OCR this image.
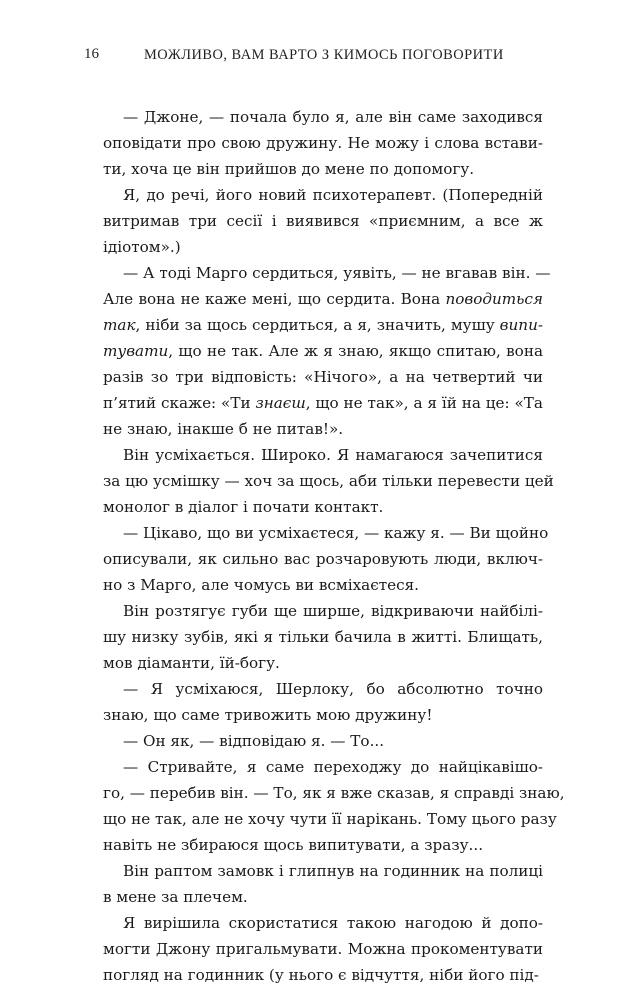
16	МОЖЛИВО, ВАМ ВАРТО З КИМОСЬ ПОГОВОРИТИ
— Джоне, — почала було я, але він саме заходився
оповідати про свою дружину. Не можу і слова встави-
ти, хоча це він прийшов до мене по допомогу.
Я, до речі, його новий психотерапевт. (Попередній
витримав три сесії і виявився «приємним, а все ж
ідіотом».)
— А тоді Марго сердиться, уявіть, — не вгавав він. —
Але вона не каже мені, що сердита. Вона поводиться
так, ніби за щось сердиться, а я, значить, мушу випи-
тувати, що не так. Але ж я знаю, якщо спитаю, вона
разів зо три відповість: «Нічого», а на четвертий чи
п’ятий скаже: «Ти знаєш, що не так», а я їй на це: «Та
не знаю, інакше б не питав!».
Він усміхається. Широко. Я намагаюся зачепитися
за цю усмішку — хоч за щось, аби тільки перевести цей
монолог в діалог і почати контакт.
— Цікаво, що ви усміхаєтеся, — кажу я. — Ви щойно
описували, як сильно вас розчаровують люди, включ-
но з Марго, але чомусь ви всміхаєтеся.
Він розтягує губи ще ширше, відкриваючи найбілі-
шу низку зубів, які я тільки бачила в житті. Блищать,
мов діаманти, їй-богу.
— Я усміхаюся, Шерлоку, бо абсолютно точно
знаю, що саме тривожить мою дружину!
— Он як, — відповідаю я. — То...
— Стривайте, я саме переходжу до найцікавішо-
го, — перебив він. — То, як я вже сказав, я справді знаю,
що не так, але не хочу чути її нарікань. Тому цього разу
навіть не збираюся щось випитувати, а зразу...
Він раптом замовк і глипнув на годинник на полиці
в мене за плечем.
Я вирішила скористатися такою нагодою й допо-
могти Джону пригальмувати. Можна прокоментувати
погляд на годинник (у нього є відчуття, ніби його під-
